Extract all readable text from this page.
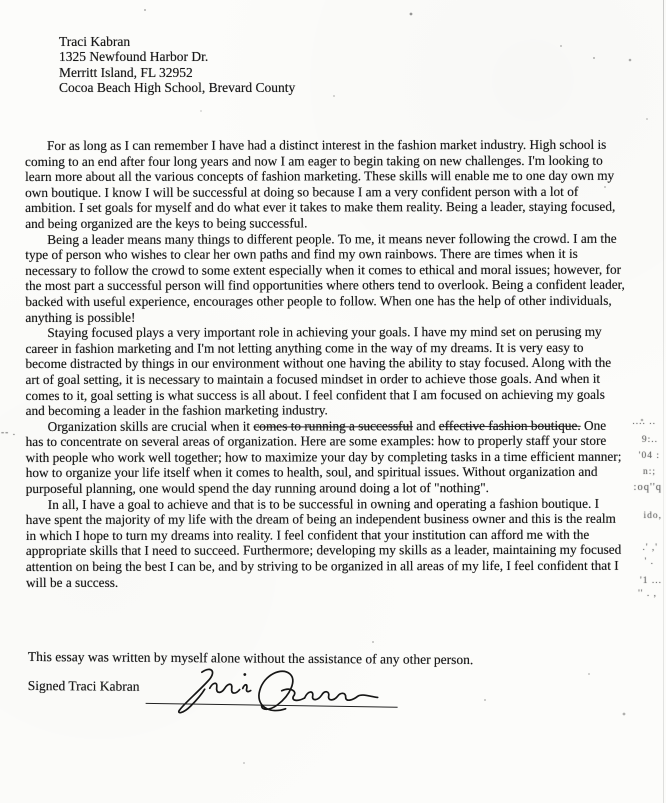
Traci Kabran
1325 Newfound Harbor Dr.
Merritt Island, FL 32952
Cocoa Beach High School, Brevard County

For as long as I can remember I have had a distinct interest in the fashion market industry. High school is coming to an end after four long years and now I am eager to begin taking on new challenges. I'm looking to learn more about all the various concepts of fashion marketing. These skills will enable me to one day own my own boutique. I know I will be successful at doing so because I am a very confident person with a lot of ambition. I set goals for myself and do what ever it takes to make them reality. Being a leader, staying focused, and being organized are the keys to being successful.

Being a leader means many things to different people. To me, it means never following the crowd. I am the type of person who wishes to clear her own paths and find my own rainbows. There are times when it is necessary to follow the crowd to some extent especially when it comes to ethical and moral issues; however, for the most part a successful person will find opportunities where others tend to overlook. Being a confident leader, backed with useful experience, encourages other people to follow. When one has the help of other individuals, anything is possible!

Staying focused plays a very important role in achieving your goals. I have my mind set on perusing my career in fashion marketing and I'm not letting anything come in the way of my dreams. It is very easy to become distracted by things in our environment without one having the ability to stay focused. Along with the art of goal setting, it is necessary to maintain a focused mindset in order to achieve those goals. And when it comes to it, goal setting is what success is all about. I feel confident that I am focused on achieving my goals and becoming a leader in the fashion marketing industry.

Organization skills are crucial when it comes to running a successful and effective fashion boutique. One has to concentrate on several areas of organization. Here are some examples: how to properly staff your store with people who work well together; how to maximize your day by completing tasks in a time efficient manner; how to organize your life itself when it comes to health, soul, and spiritual issues. Without organization and purposeful planning, one would spend the day running around doing a lot of "nothing".

In all, I have a goal to achieve and that is to be successful in owning and operating a fashion boutique. I have spent the majority of my life with the dream of being an independent business owner and this is the realm in which I hope to turn my dreams into reality. I feel confident that your institution can afford me with the appropriate skills that I need to succeed. Furthermore; developing my skills as a leader, maintaining my focused attention on being the best I can be, and by striving to be organized in all areas of my life, I feel confident that I will be a success.

This essay was written by myself alone without the assistance of any other person.
Signed Traci Kabran
.... ..
9:..
'04 :
n:;
:oq''q
ido,
.' ,'
' .
'1 ...
'' . ,
-- .
